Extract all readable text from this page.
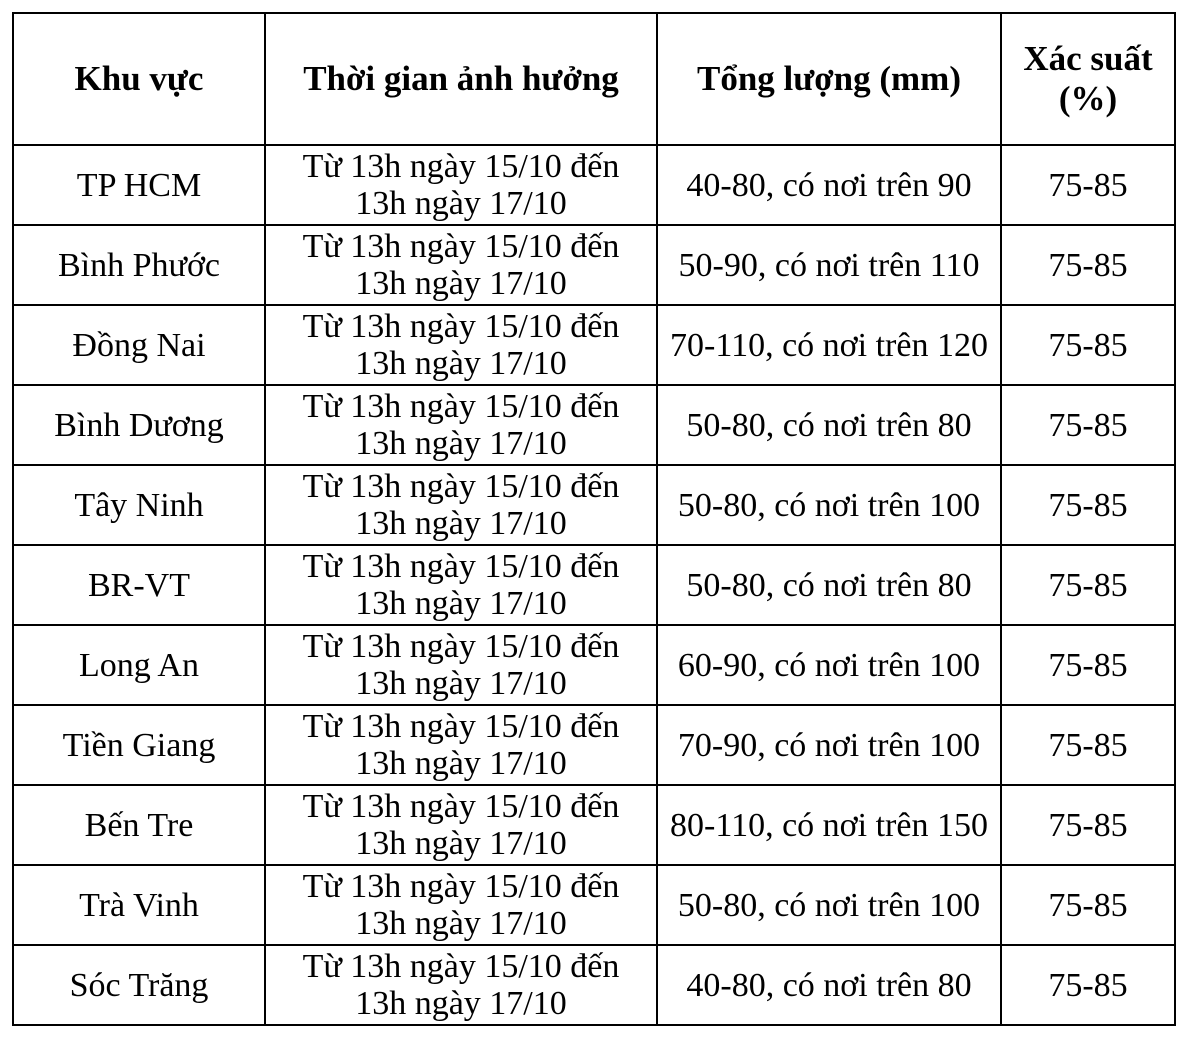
Khu vực	Thời gian ảnh hưởng	Tổng lượng (mm)	Xác suất
(%)

TP HCM	Từ 13h ngày 15/10 đến
13h ngày 17/10	40-80, có nơi trên 90	75-85
Bình Phước	Từ 13h ngày 15/10 đến
13h ngày 17/10	50-90, có nơi trên 110	75-85
Đồng Nai	Từ 13h ngày 15/10 đến
13h ngày 17/10	70-110, có nơi trên 120	75-85
Bình Dương	Từ 13h ngày 15/10 đến
13h ngày 17/10	50-80, có nơi trên 80	75-85
Tây Ninh	Từ 13h ngày 15/10 đến
13h ngày 17/10	50-80, có nơi trên 100	75-85
BR-VT	Từ 13h ngày 15/10 đến
13h ngày 17/10	50-80, có nơi trên 80	75-85
Long An	Từ 13h ngày 15/10 đến
13h ngày 17/10	60-90, có nơi trên 100	75-85
Tiền Giang	Từ 13h ngày 15/10 đến
13h ngày 17/10	70-90, có nơi trên 100	75-85
Bến Tre	Từ 13h ngày 15/10 đến
13h ngày 17/10	80-110, có nơi trên 150	75-85
Trà Vinh	Từ 13h ngày 15/10 đến
13h ngày 17/10	50-80, có nơi trên 100	75-85
Sóc Trăng	Từ 13h ngày 15/10 đến
13h ngày 17/10	40-80, có nơi trên 80	75-85
